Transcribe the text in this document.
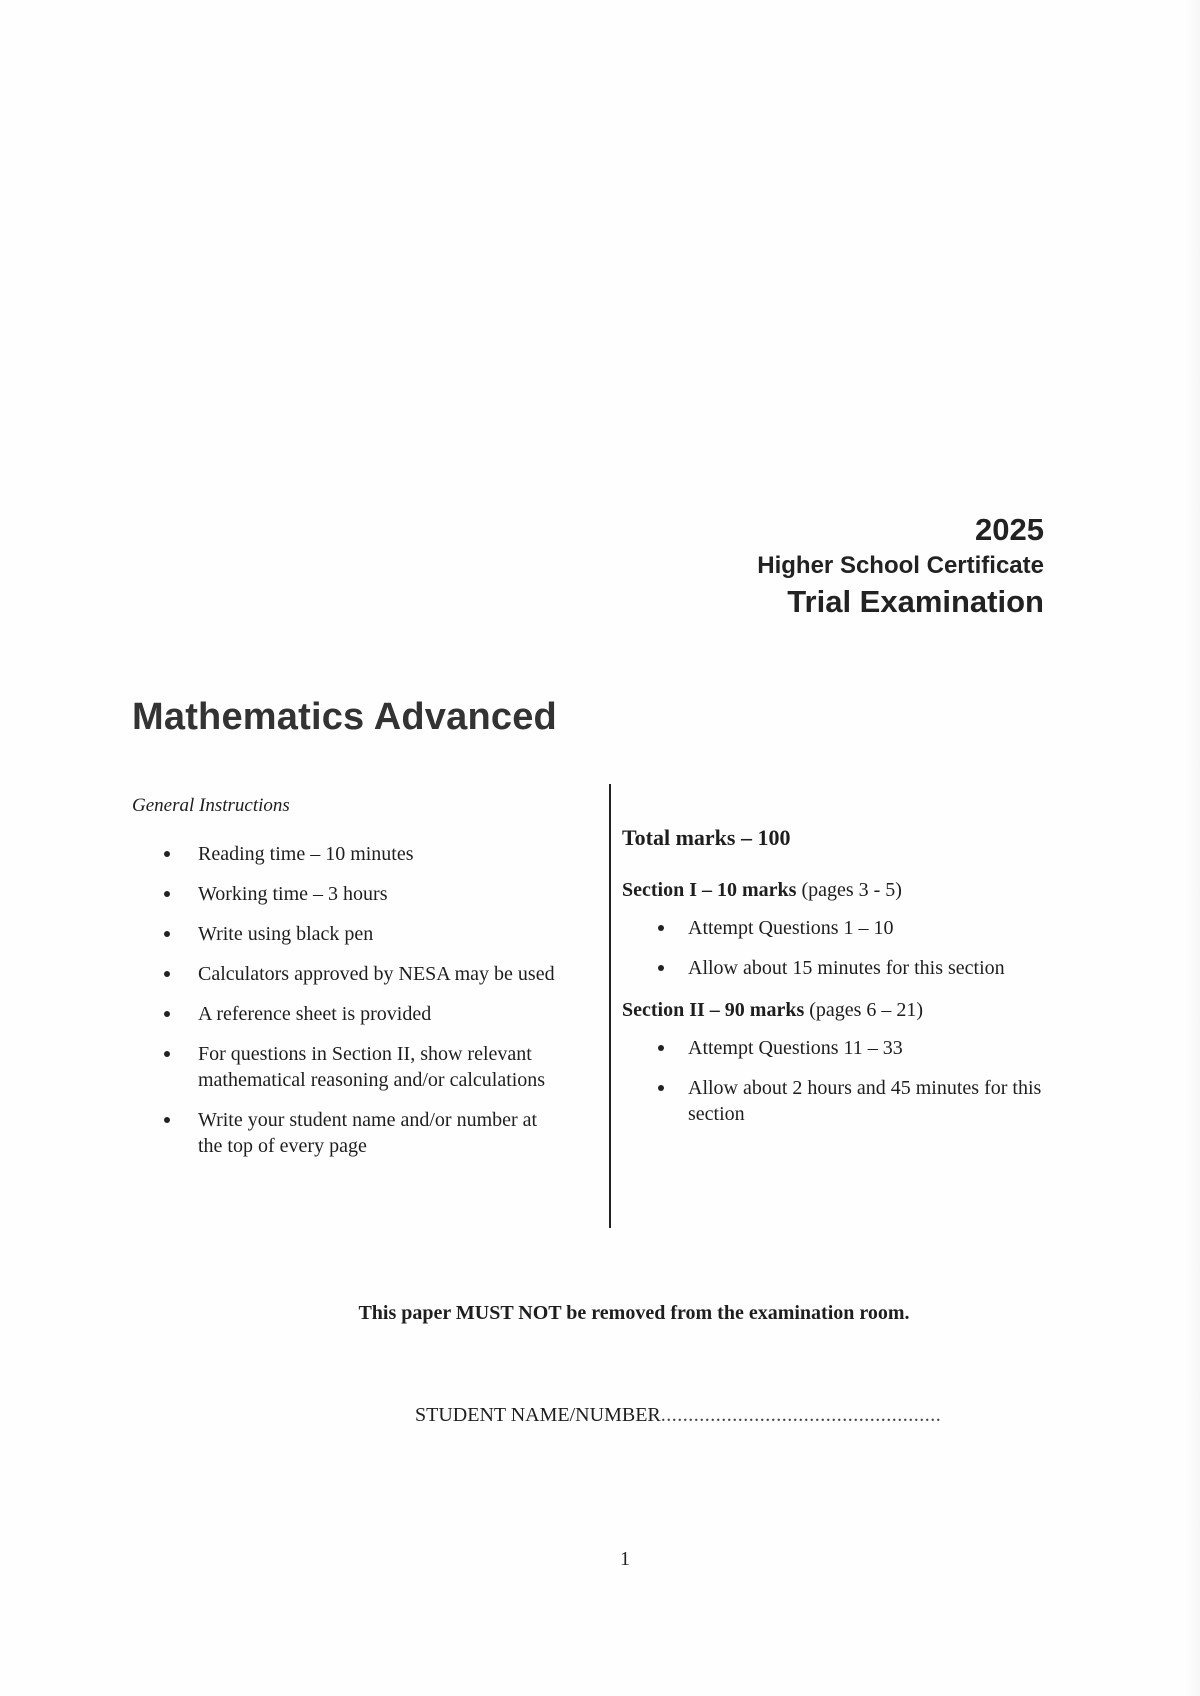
2025
Higher School Certificate
Trial Examination
Mathematics Advanced
General Instructions
Reading time – 10 minutes
Working time – 3 hours
Write using black pen
Calculators approved by NESA may be used
A reference sheet is provided
For questions in Section II, show relevant mathematical reasoning and/or calculations
Write your student name and/or number at the top of every page
Total marks – 100
Section I – 10 marks (pages 3 - 5)
Attempt Questions 1 – 10
Allow about 15 minutes for this section
Section II – 90 marks (pages 6 – 21)
Attempt Questions 11 – 33
Allow about 2 hours and 45 minutes for this section
This paper MUST NOT be removed from the examination room.
STUDENT NAME/NUMBER...................................................
1
